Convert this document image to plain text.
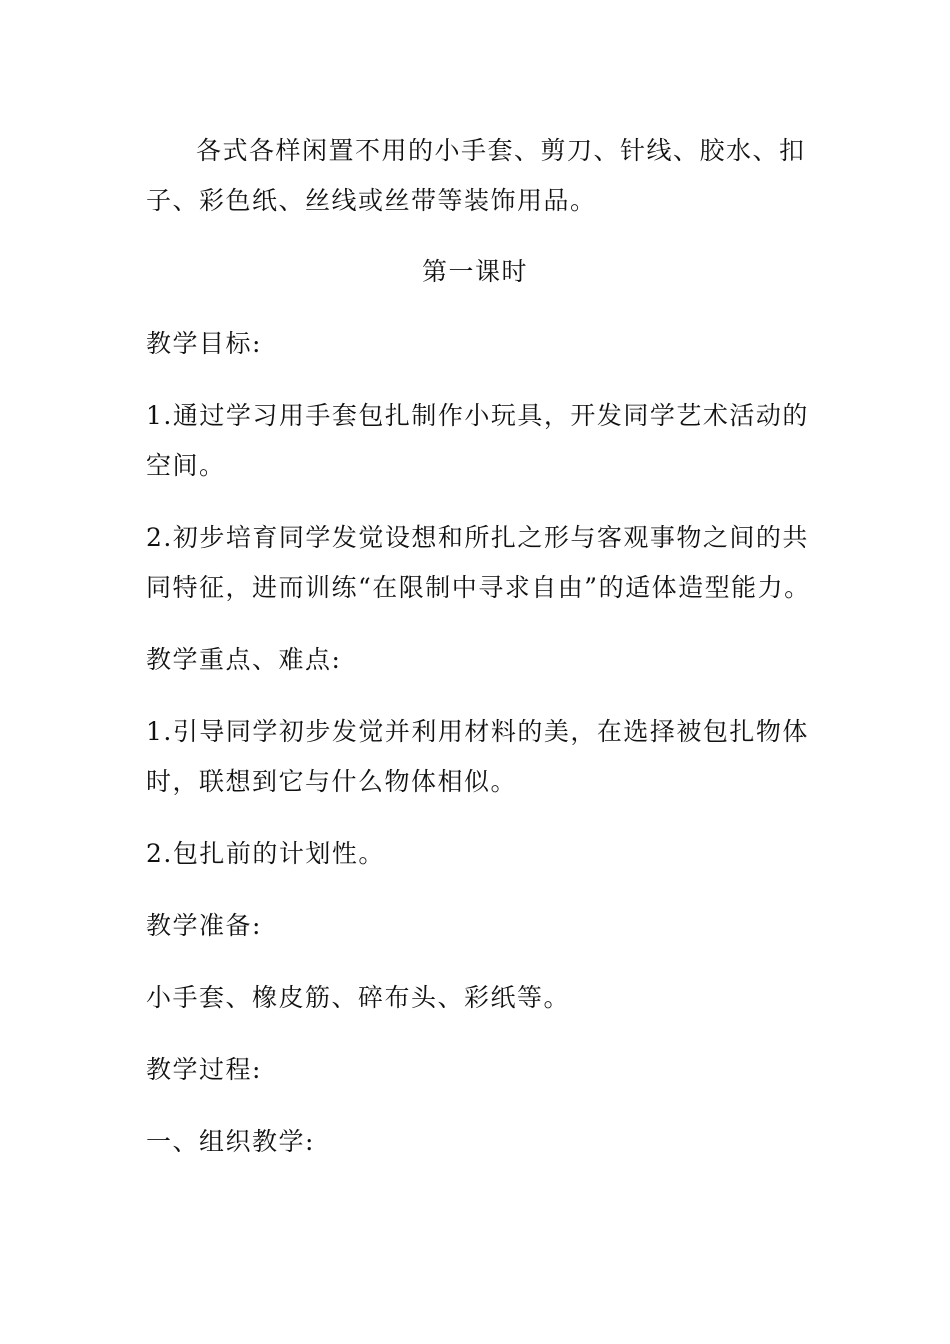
各式各样闲置不用的小手套、剪刀、针线、胶水、扣
子、彩色纸、丝线或丝带等装饰用品。
第一课时
教学目标:
1.通过学习用手套包扎制作小玩具，开发同学艺术活动的
空间。
2.初步培育同学发觉设想和所扎之形与客观事物之间的共
同特征，进而训练“在限制中寻求自由”的适体造型能力。
教学重点、难点:
1.引导同学初步发觉并利用材料的美，在选择被包扎物体
时，联想到它与什么物体相似。
2.包扎前的计划性。
教学准备:
小手套、橡皮筋、碎布头、彩纸等。
教学过程:
一、组织教学:
